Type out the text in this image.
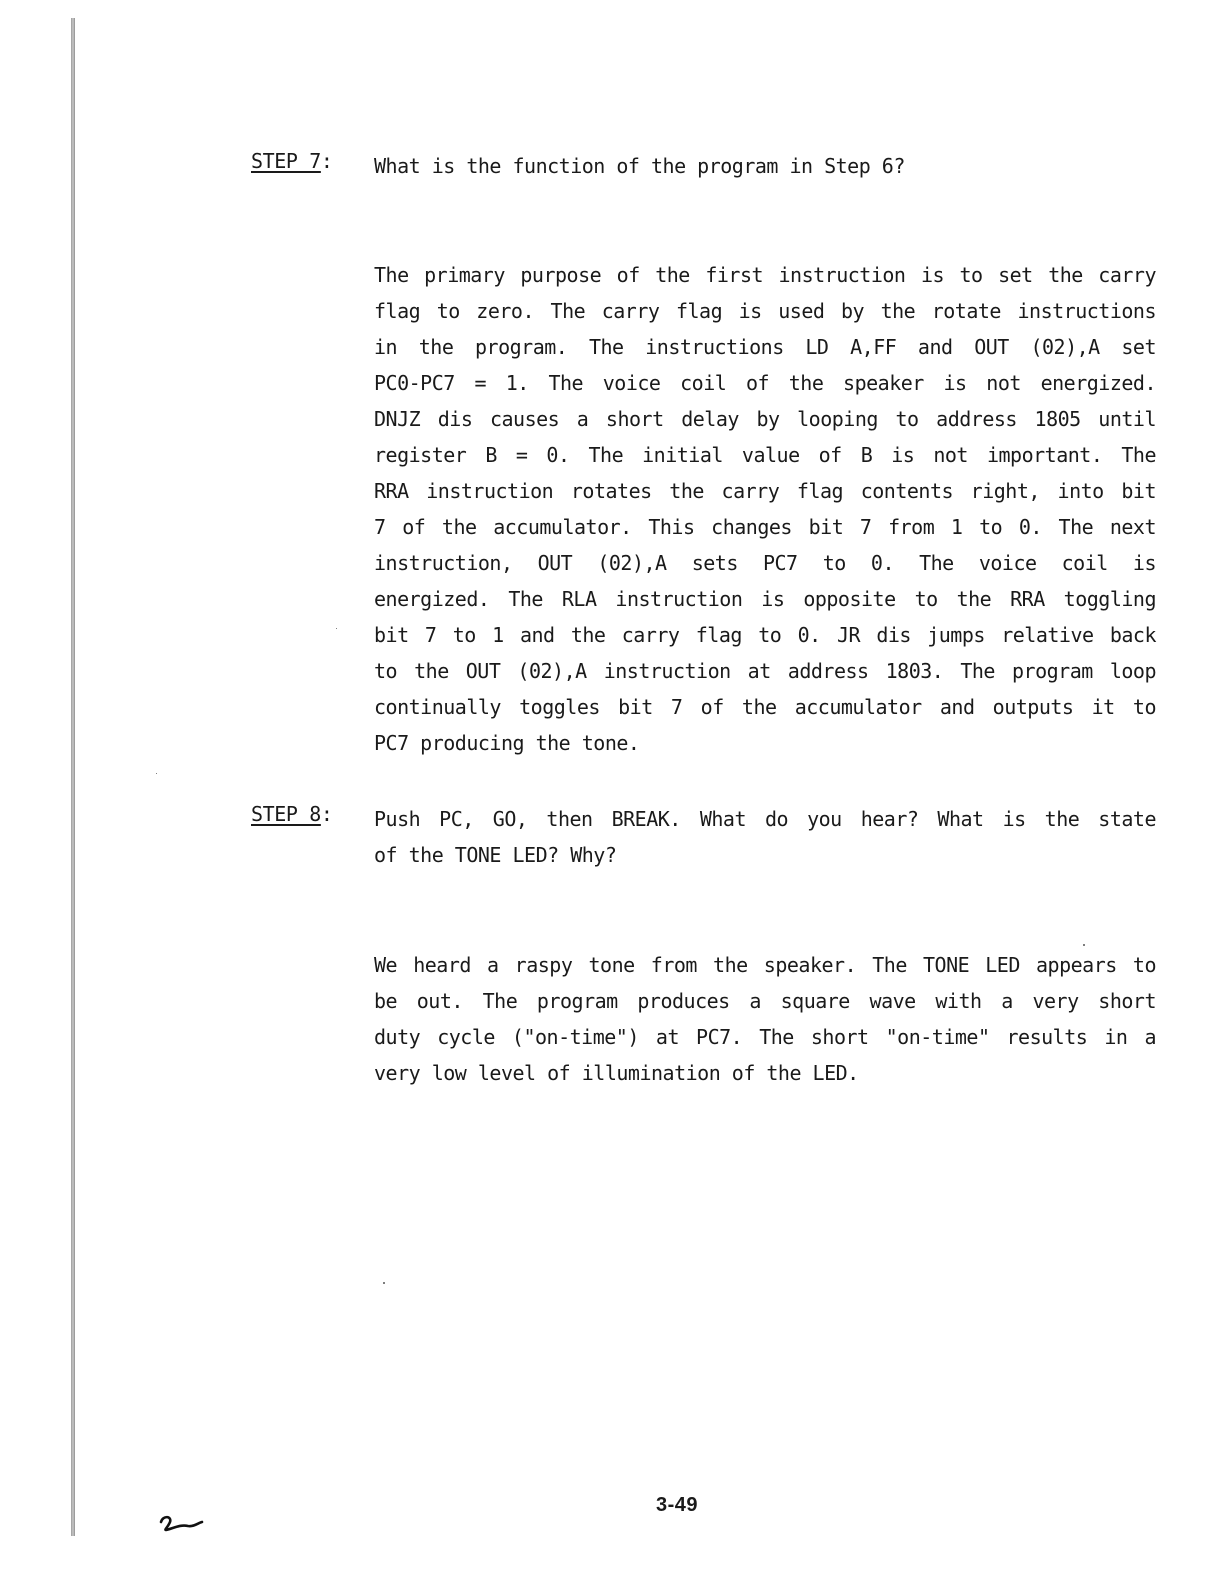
STEP 7: What is the function of the program in Step 6?
The primary purpose of the first instruction is to set the carry
flag to zero. The carry flag is used by the rotate instructions
in the program. The instructions LD A,FF and OUT (02),A set
PC0-PC7 = 1. The voice coil of the speaker is not energized.
DNJZ dis causes a short delay by looping to address 1805 until
register B = 0. The initial value of B is not important. The
RRA instruction rotates the carry flag contents right, into bit
7 of the accumulator. This changes bit 7 from 1 to 0. The next
instruction, OUT (02),A sets PC7 to 0. The voice coil is
energized. The RLA instruction is opposite to the RRA toggling
bit 7 to 1 and the carry flag to 0. JR dis jumps relative back
to the OUT (02),A instruction at address 1803. The program loop
continually toggles bit 7 of the accumulator and outputs it to
PC7 producing the tone.
STEP 8: Push PC, GO, then BREAK. What do you hear? What is the state
of the TONE LED? Why?
We heard a raspy tone from the speaker. The TONE LED appears to
be out. The program produces a square wave with a very short
duty cycle ("on-time") at PC7. The short "on-time" results in a
very low level of illumination of the LED.
3-49
